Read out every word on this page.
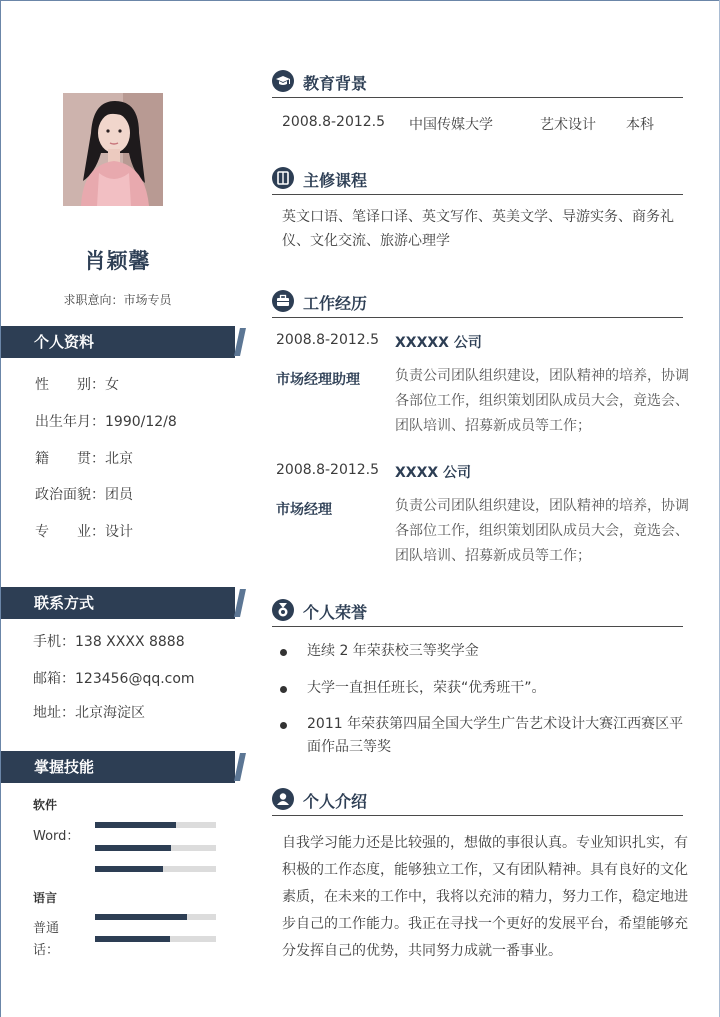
肖颖馨
求职意向：市场专员
个人资料
性　　别：女
出生年月：1990/12/8
籍　　贯：北京
政治面貌：团员
专　　业：设计
联系方式
手机：138 XXXX 8888
邮箱：123456@qq.com
地址：北京海淀区
掌握技能
软件
Word：
语言
普通话：
教育背景
2008.8-2012.5 中国传媒大学	艺术设计 本科
主修课程
英文口语、笔译口译、英文写作、英美文学、导游实务、商务礼仪、文化交流、旅游心理学
工作经历
2008.8-2012.5 XXXXX 公司
市场经理助理	负责公司团队组织建设，团队精神的培养，协调各部位工作，组织策划团队成员大会，竟选会、团队培训、招募新成员等工作；
2008.8-2012.5 XXXX 公司
市场经理	负责公司团队组织建设，团队精神的培养，协调各部位工作，组织策划团队成员大会，竟选会、团队培训、招募新成员等工作；
个人荣誉
连续 2 年荣获校三等奖学金
大学一直担任班长，荣获“优秀班干”。
2011 年荣获第四届全国大学生广告艺术设计大赛江西赛区平面作品三等奖
个人介绍
自我学习能力还是比较强的，想做的事很认真。专业知识扎实，有积极的工作态度，能够独立工作，又有团队精神。具有良好的文化素质，在未来的工作中，我将以充沛的精力，努力工作，稳定地进步自己的工作能力。我正在寻找一个更好的发展平台，希望能够充分发挥自己的优势，共同努力成就一番事业。
